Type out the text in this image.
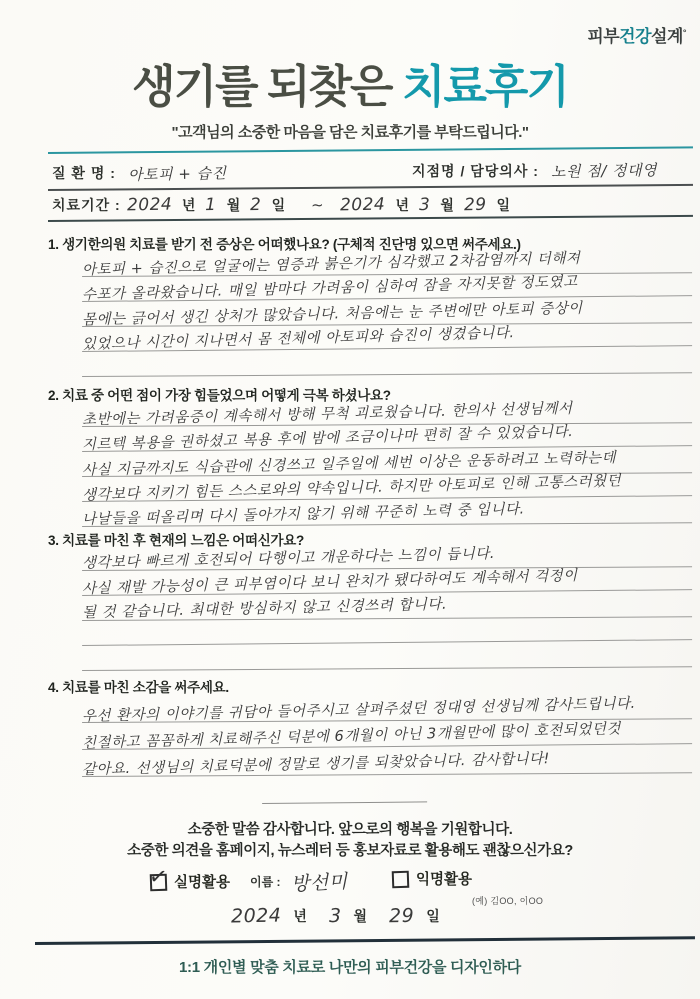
피부건강설계°
생기를 되찾은 치료후기
"고객님의 소중한 마음을 담은 치료후기를 부탁드립니다."
질 환 명 : 아토피 + 습진	지점명 / 담당의사 : 노원 점/ 정대영
치료기간 : 2024 년 1 월 2 일 ~ 2024 년 3 월 29 일
1. 생기한의원 치료를 받기 전 증상은 어떠했나요? (구체적 진단명 있으면 써주세요.)
아토피 + 습진으로 얼굴에는 염증과 붉은기가 심각했고 2차감염까지 더해져
수포가 올라왔습니다. 매일 밤마다 가려움이 심하여 잠을 자지못할 정도였고
몸에는 긁어서 생긴 상처가 많았습니다. 처음에는 눈 주변에만 아토피 증상이
있었으나 시간이 지나면서 몸 전체에 아토피와 습진이 생겼습니다.
2. 치료 중 어떤 점이 가장 힘들었으며 어떻게 극복 하셨나요?
초반에는 가려움증이 계속해서 방해 무척 괴로웠습니다. 한의사 선생님께서
지르텍 복용을 권하셨고 복용 후에 밤에 조금이나마 편히 잘 수 있었습니다.
사실 지금까지도 식습관에 신경쓰고 일주일에 세번 이상은 운동하려고 노력하는데
생각보다 지키기 힘든 스스로와의 약속입니다. 하지만 아토피로 인해 고통스러웠던
나날들을 떠올리며 다시 돌아가지 않기 위해 꾸준히 노력 중 입니다.
3. 치료를 마친 후 현재의 느낌은 어떠신가요?
생각보다 빠르게 호전되어 다행이고 개운하다는 느낌이 듭니다.
사실 재발 가능성이 큰 피부염이다 보니 완치가 됐다하여도 계속해서 걱정이
될 것 같습니다. 최대한 방심하지 않고 신경쓰려 합니다.
4. 치료를 마친 소감을 써주세요.
우선 환자의 이야기를 귀담아 들어주시고 살펴주셨던 정대영 선생님께 감사드립니다.
친절하고 꼼꼼하게 치료해주신 덕분에 6개월이 아닌 3개월만에 많이 호전되었던것
같아요. 선생님의 치료덕분에 정말로 생기를 되찾았습니다. 감사합니다!
소중한 말씀 감사합니다. 앞으로의 행복을 기원합니다.
소중한 의견을 홈페이지, 뉴스레터 등 홍보자료로 활용해도 괜찮으신가요?
✓ 실명활용 이름 : 방선미	익명활용
(예) 김OO, 이OO
2024 년 3 월 29 일
1:1 개인별 맞춤 치료로 나만의 피부건강을 디자인하다
